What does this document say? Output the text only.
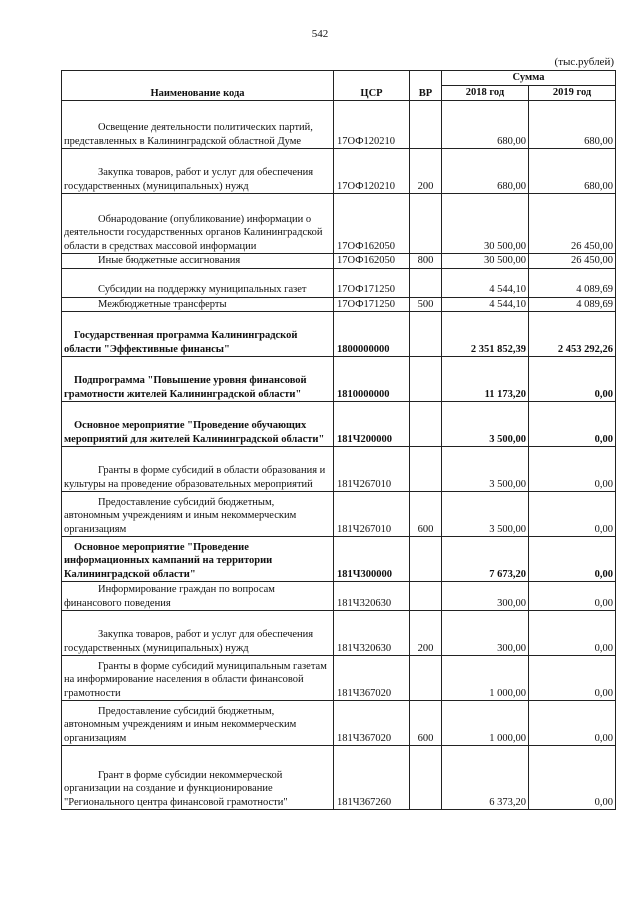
542
(тыс.рублей)
Наименование кода	ЦСР	ВР	Сумма	
			2018 год	2019 год
Освещение деятельности политических партий, представленных в Калининградской областной Думе	17ОФ120210		680,00	680,00
Закупка товаров, работ и услуг для обеспечения государственных (муниципальных) нужд	17ОФ120210	200	680,00	680,00
Обнародование (опубликование) информации о деятельности государственных органов Калининградской области в средствах массовой информации	17ОФ162050		30 500,00	26 450,00
Иные бюджетные ассигнования	17ОФ162050	800	30 500,00	26 450,00
Субсидии на поддержку муниципальных газет	17ОФ171250		4 544,10	4 089,69
Межбюджетные трансферты	17ОФ171250	500	4 544,10	4 089,69
Государственная программа Калининградской области "Эффективные финансы"	1800000000		2 351 852,39	2 453 292,26
Подпрограмма "Повышение уровня финансовой грамотности жителей Калининградской области"	1810000000		11 173,20	0,00
Основное мероприятие "Проведение обучающих мероприятий для жителей Калининградской области"	181Ч200000		3 500,00	0,00
Гранты в форме субсидий в области образования и культуры на проведение образовательных мероприятий	181Ч267010		3 500,00	0,00
Предоставление субсидий бюджетным, автономным учреждениям и иным некоммерческим организациям	181Ч267010	600	3 500,00	0,00
Основное мероприятие "Проведение информационных кампаний на территории Калининградской области"	181Ч300000		7 673,20	0,00
Информирование граждан по вопросам финансового поведения	181Ч320630		300,00	0,00
Закупка товаров, работ и услуг для обеспечения государственных (муниципальных) нужд	181Ч320630	200	300,00	0,00
Гранты в форме субсидий муниципальным газетам на информирование населения в области финансовой грамотности	181Ч367020		1 000,00	0,00
Предоставление субсидий бюджетным, автономным учреждениям и иным некоммерческим организациям	181Ч367020	600	1 000,00	0,00
Грант в форме субсидии некоммерческой организации на создание и функционирование "Регионального центра финансовой грамотности"	181Ч367260		6 373,20	0,00
